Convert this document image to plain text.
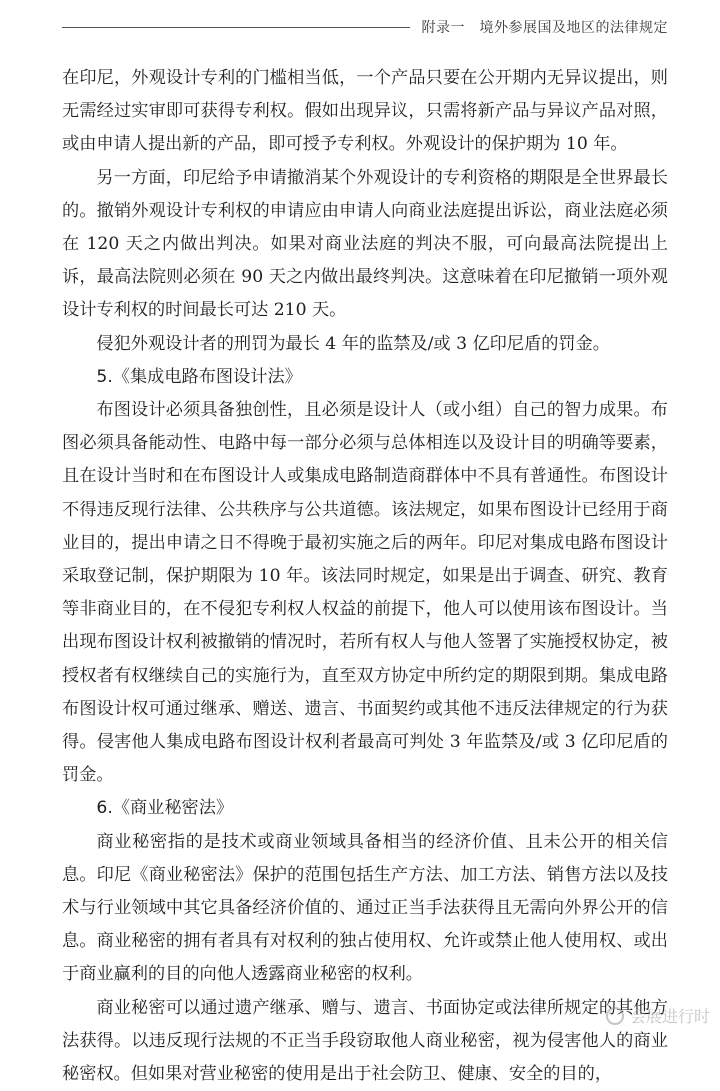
附录一　境外参展国及地区的法律规定

在印尼，外观设计专利的门槛相当低，一个产品只要在公开期内无异议提出，则无需经过实审即可获得专利权。假如出现异议，只需将新产品与异议产品对照，或由申请人提出新的产品，即可授予专利权。外观设计的保护期为 10 年。

另一方面，印尼给予申请撤消某个外观设计的专利资格的期限是全世界最长的。撤销外观设计专利权的申请应由申请人向商业法庭提出诉讼，商业法庭必须在 120 天之内做出判决。如果对商业法庭的判决不服，可向最高法院提出上诉，最高法院则必须在 90 天之内做出最终判决。这意味着在印尼撤销一项外观设计专利权的时间最长可达 210 天。

侵犯外观设计者的刑罚为最长 4 年的监禁及/或 3 亿印尼盾的罚金。

5.《集成电路布图设计法》

布图设计必须具备独创性，且必须是设计人（或小组）自己的智力成果。布图必须具备能动性、电路中每一部分必须与总体相连以及设计目的明确等要素，且在设计当时和在布图设计人或集成电路制造商群体中不具有普通性。布图设计不得违反现行法律、公共秩序与公共道德。该法规定，如果布图设计已经用于商业目的，提出申请之日不得晚于最初实施之后的两年。印尼对集成电路布图设计采取登记制，保护期限为 10 年。该法同时规定，如果是出于调查、研究、教育等非商业目的，在不侵犯专利权人权益的前提下，他人可以使用该布图设计。当出现布图设计权利被撤销的情况时，若所有权人与他人签署了实施授权协定，被授权者有权继续自己的实施行为，直至双方协定中所约定的期限到期。集成电路布图设计权可通过继承、赠送、遗言、书面契约或其他不违反法律规定的行为获得。侵害他人集成电路布图设计权利者最高可判处 3 年监禁及/或 3 亿印尼盾的罚金。

6.《商业秘密法》

商业秘密指的是技术或商业领域具备相当的经济价值、且未公开的相关信息。印尼《商业秘密法》保护的范围包括生产方法、加工方法、销售方法以及技术与行业领域中其它具备经济价值的、通过正当手法获得且无需向外界公开的信息。商业秘密的拥有者具有对权利的独占使用权、允许或禁止他人使用权、或出于商业赢利的目的向他人透露商业秘密的权利。

商业秘密可以通过遗产继承、赠与、遗言、书面协定或法律所规定的其他方法获得。以违反现行法规的不正当手段窃取他人商业秘密，视为侵害他人的商业秘密权。但如果对营业秘密的使用是出于社会防卫、健康、安全的目的，

会展进行时
